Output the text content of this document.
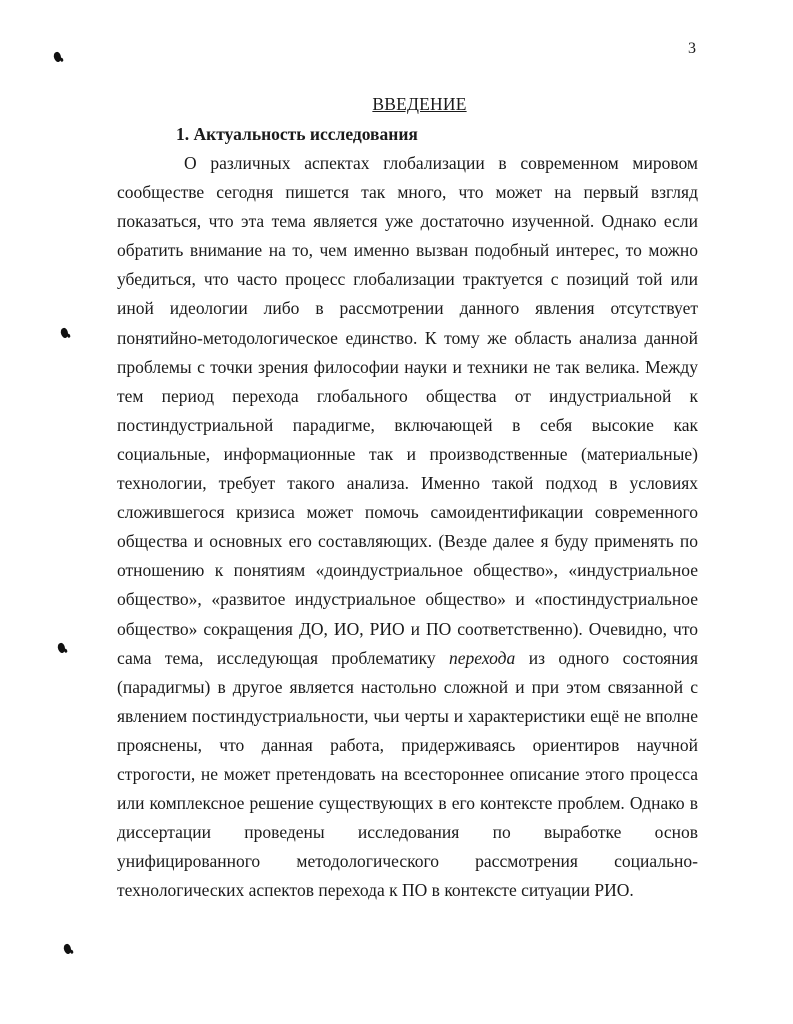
3
ВВЕДЕНИЕ
1. Актуальность исследования
О различных аспектах глобализации в современном мировом
сообществе сегодня пишется так много, что может на первый взгляд
показаться, что эта тема является уже достаточно изученной. Однако если
обратить внимание на то, чем именно вызван подобный интерес, то можно
убедиться, что часто процесс глобализации трактуется с позиций той или
иной идеологии либо в рассмотрении данного явления отсутствует
понятийно-методологическое единство. К тому же область анализа данной
проблемы с точки зрения философии науки и техники не так велика. Между
тем период перехода глобального общества от индустриальной к
постиндустриальной парадигме, включающей в себя высокие как
социальные, информационные так и производственные (материальные)
технологии, требует такого анализа. Именно такой подход в условиях
сложившегося кризиса может помочь самоидентификации современного
общества и основных его составляющих. (Везде далее я буду применять по
отношению к понятиям «доиндустриальное общество», «индустриальное
общество», «развитое индустриальное общество» и «постиндустриальное
общество» сокращения ДО, ИО, РИО и ПО соответственно). Очевидно, что
сама тема, исследующая проблематику перехода из одного состояния
(парадигмы) в другое является настольно сложной и при этом связанной с
явлением постиндустриальности, чьи черты и характеристики ещё не вполне
прояснены, что данная работа, придерживаясь ориентиров научной
строгости, не может претендовать на всестороннее описание этого процесса
или комплексное решение существующих в его контексте проблем. Однако в
диссертации проведены исследования по выработке основ
унифицированного методологического рассмотрения социально-
технологических аспектов перехода к ПО в контексте ситуации РИО.
